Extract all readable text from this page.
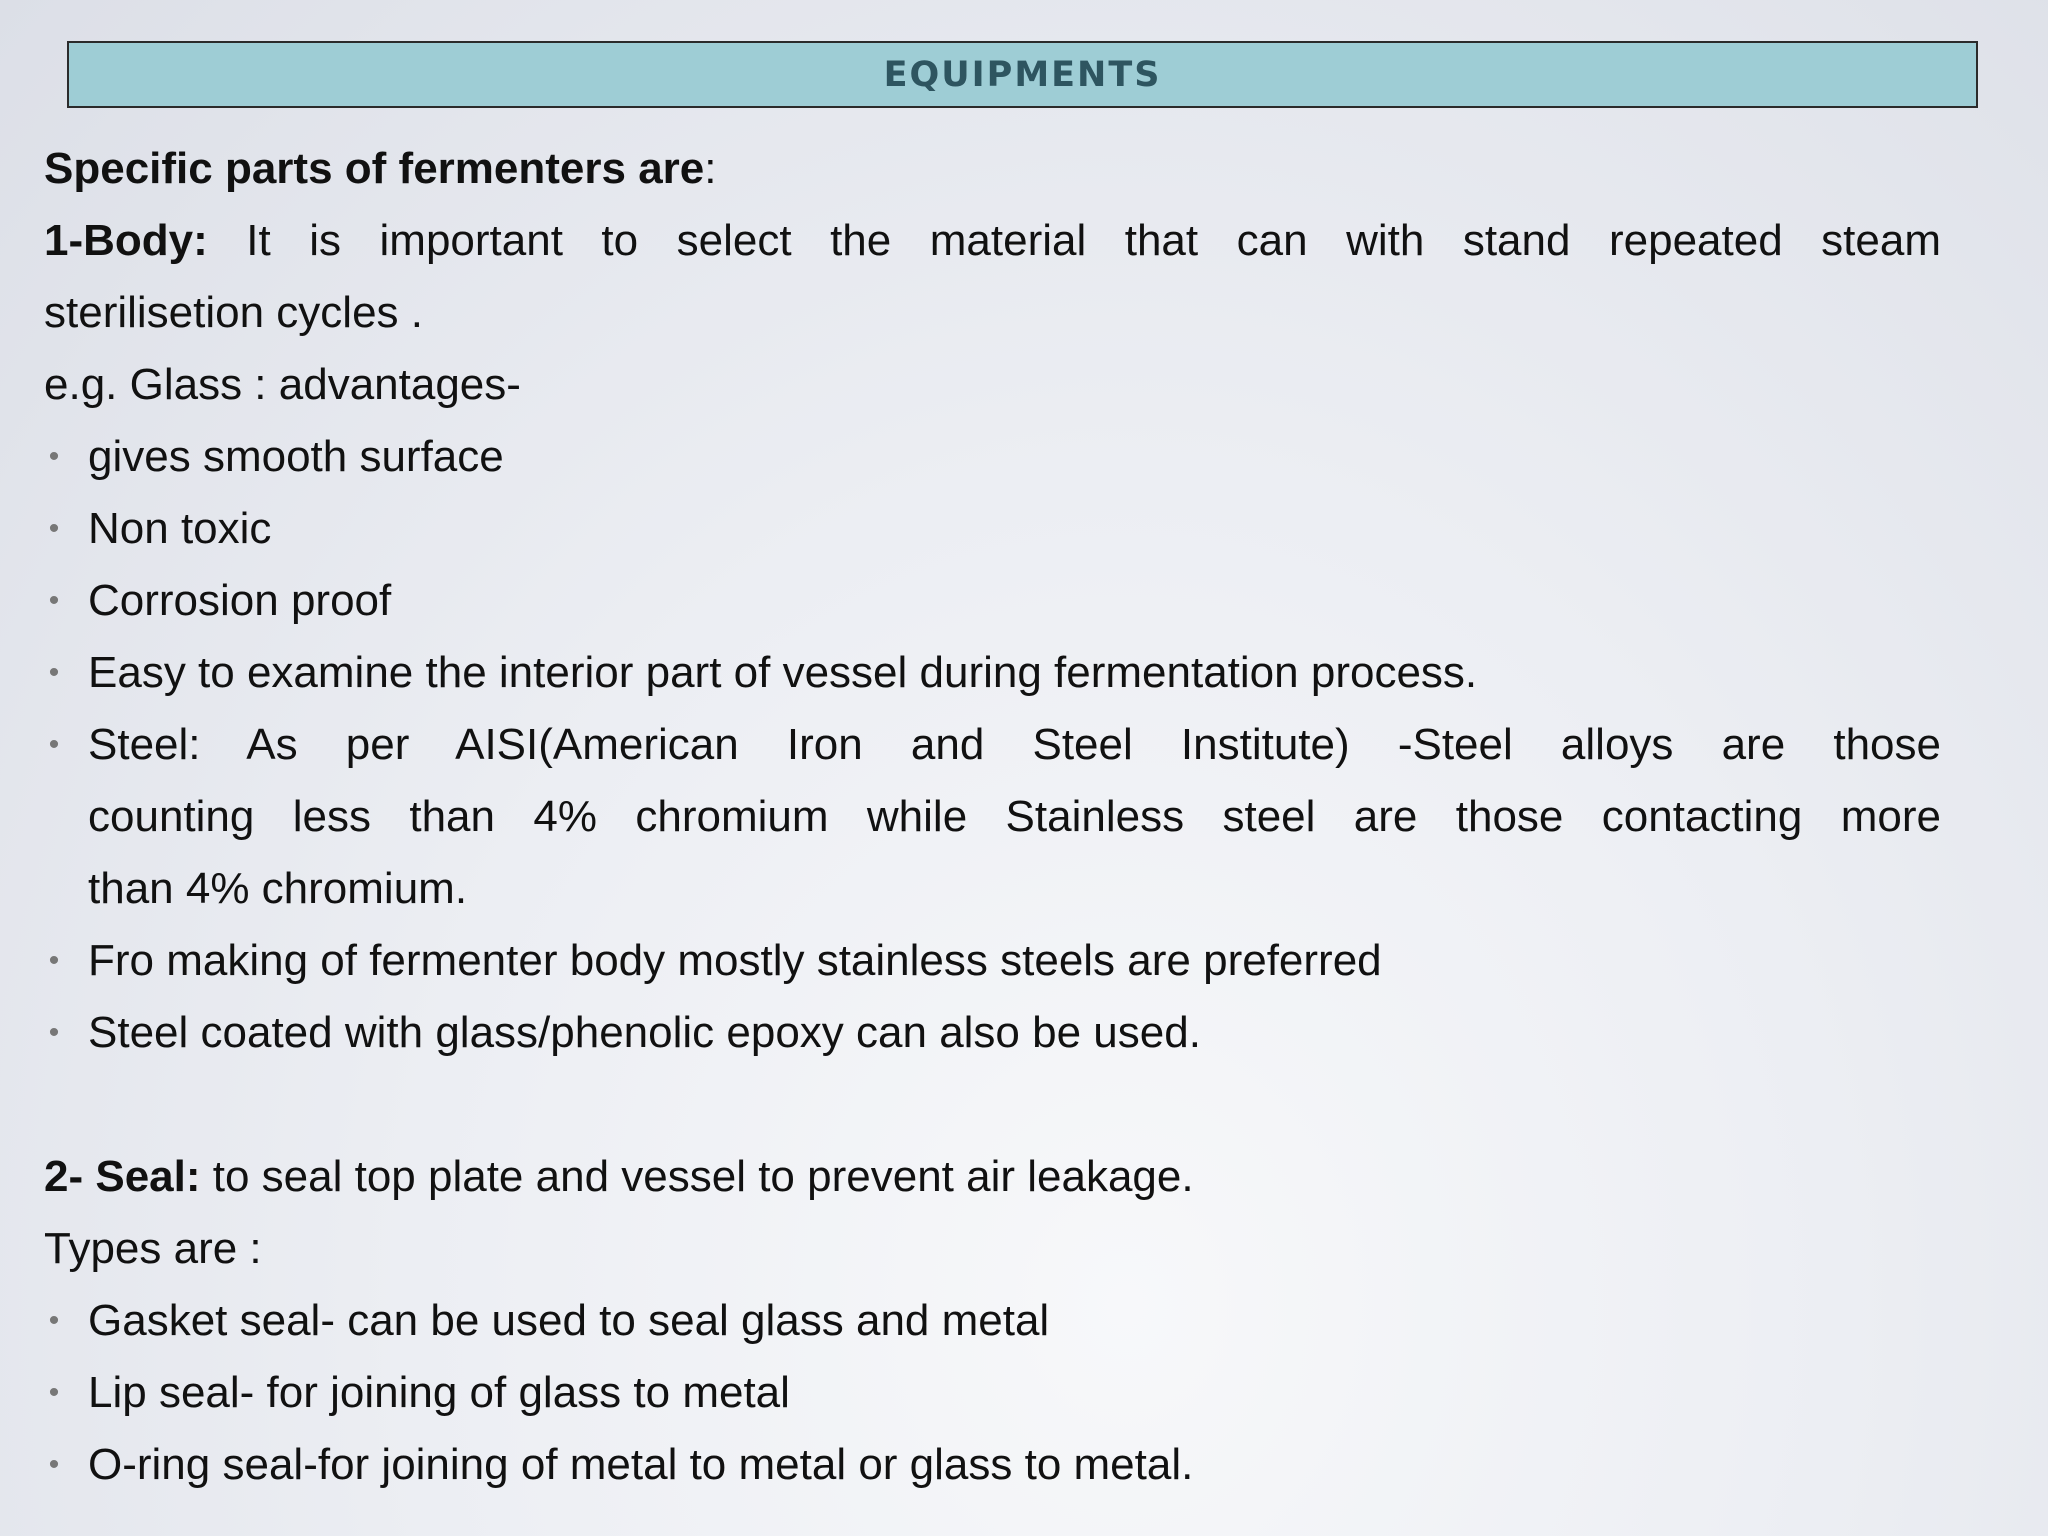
EQUIPMENTS
Specific parts of fermenters are:
1-Body: It is important to select the material that can with stand repeated steam
sterilisetion cycles .
e.g. Glass : advantages-
• gives smooth surface
• Non toxic
• Corrosion proof
• Easy to examine the interior part of vessel during fermentation process.
• Steel: As per AISI(American Iron and Steel Institute) -Steel alloys are those
counting less than 4% chromium while Stainless steel are those contacting more
than 4% chromium.
• Fro making of fermenter body mostly stainless steels are preferred
• Steel coated with glass/phenolic epoxy can also be used.
2- Seal: to seal top plate and vessel to prevent air leakage.
Types are :
• Gasket seal- can be used to seal glass and metal
• Lip seal- for joining of glass to metal
• O-ring seal-for joining of metal to metal or glass to metal.
